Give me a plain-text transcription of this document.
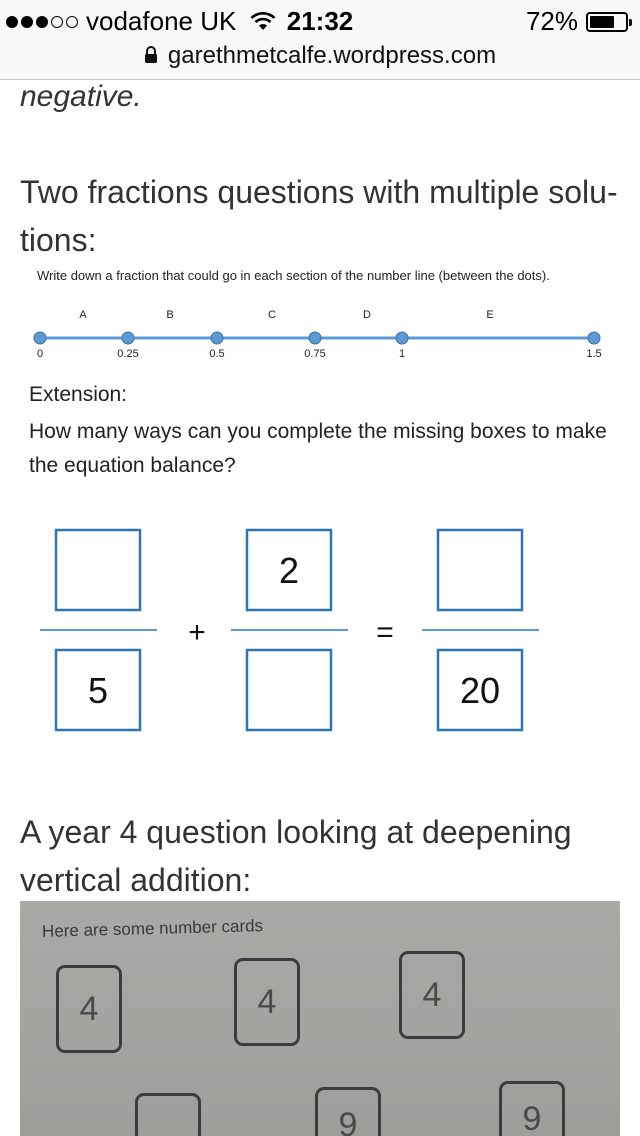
vodafone UK	21:32	72%
garethmetcalfe.wordpress.com
negative.
Two fractions questions with multiple solu- tions:
Write down a fraction that could go in each section of the number line (between the dots).
A	B	C	D	E
0	0.25	0.5	0.75	1	1.5
Extension:
How many ways can you complete the missing boxes to make the equation balance?
5
2
20
+	=
A year 4 question looking at deepening vertical addition:
Here are some number cards
4	4	4
9	9
